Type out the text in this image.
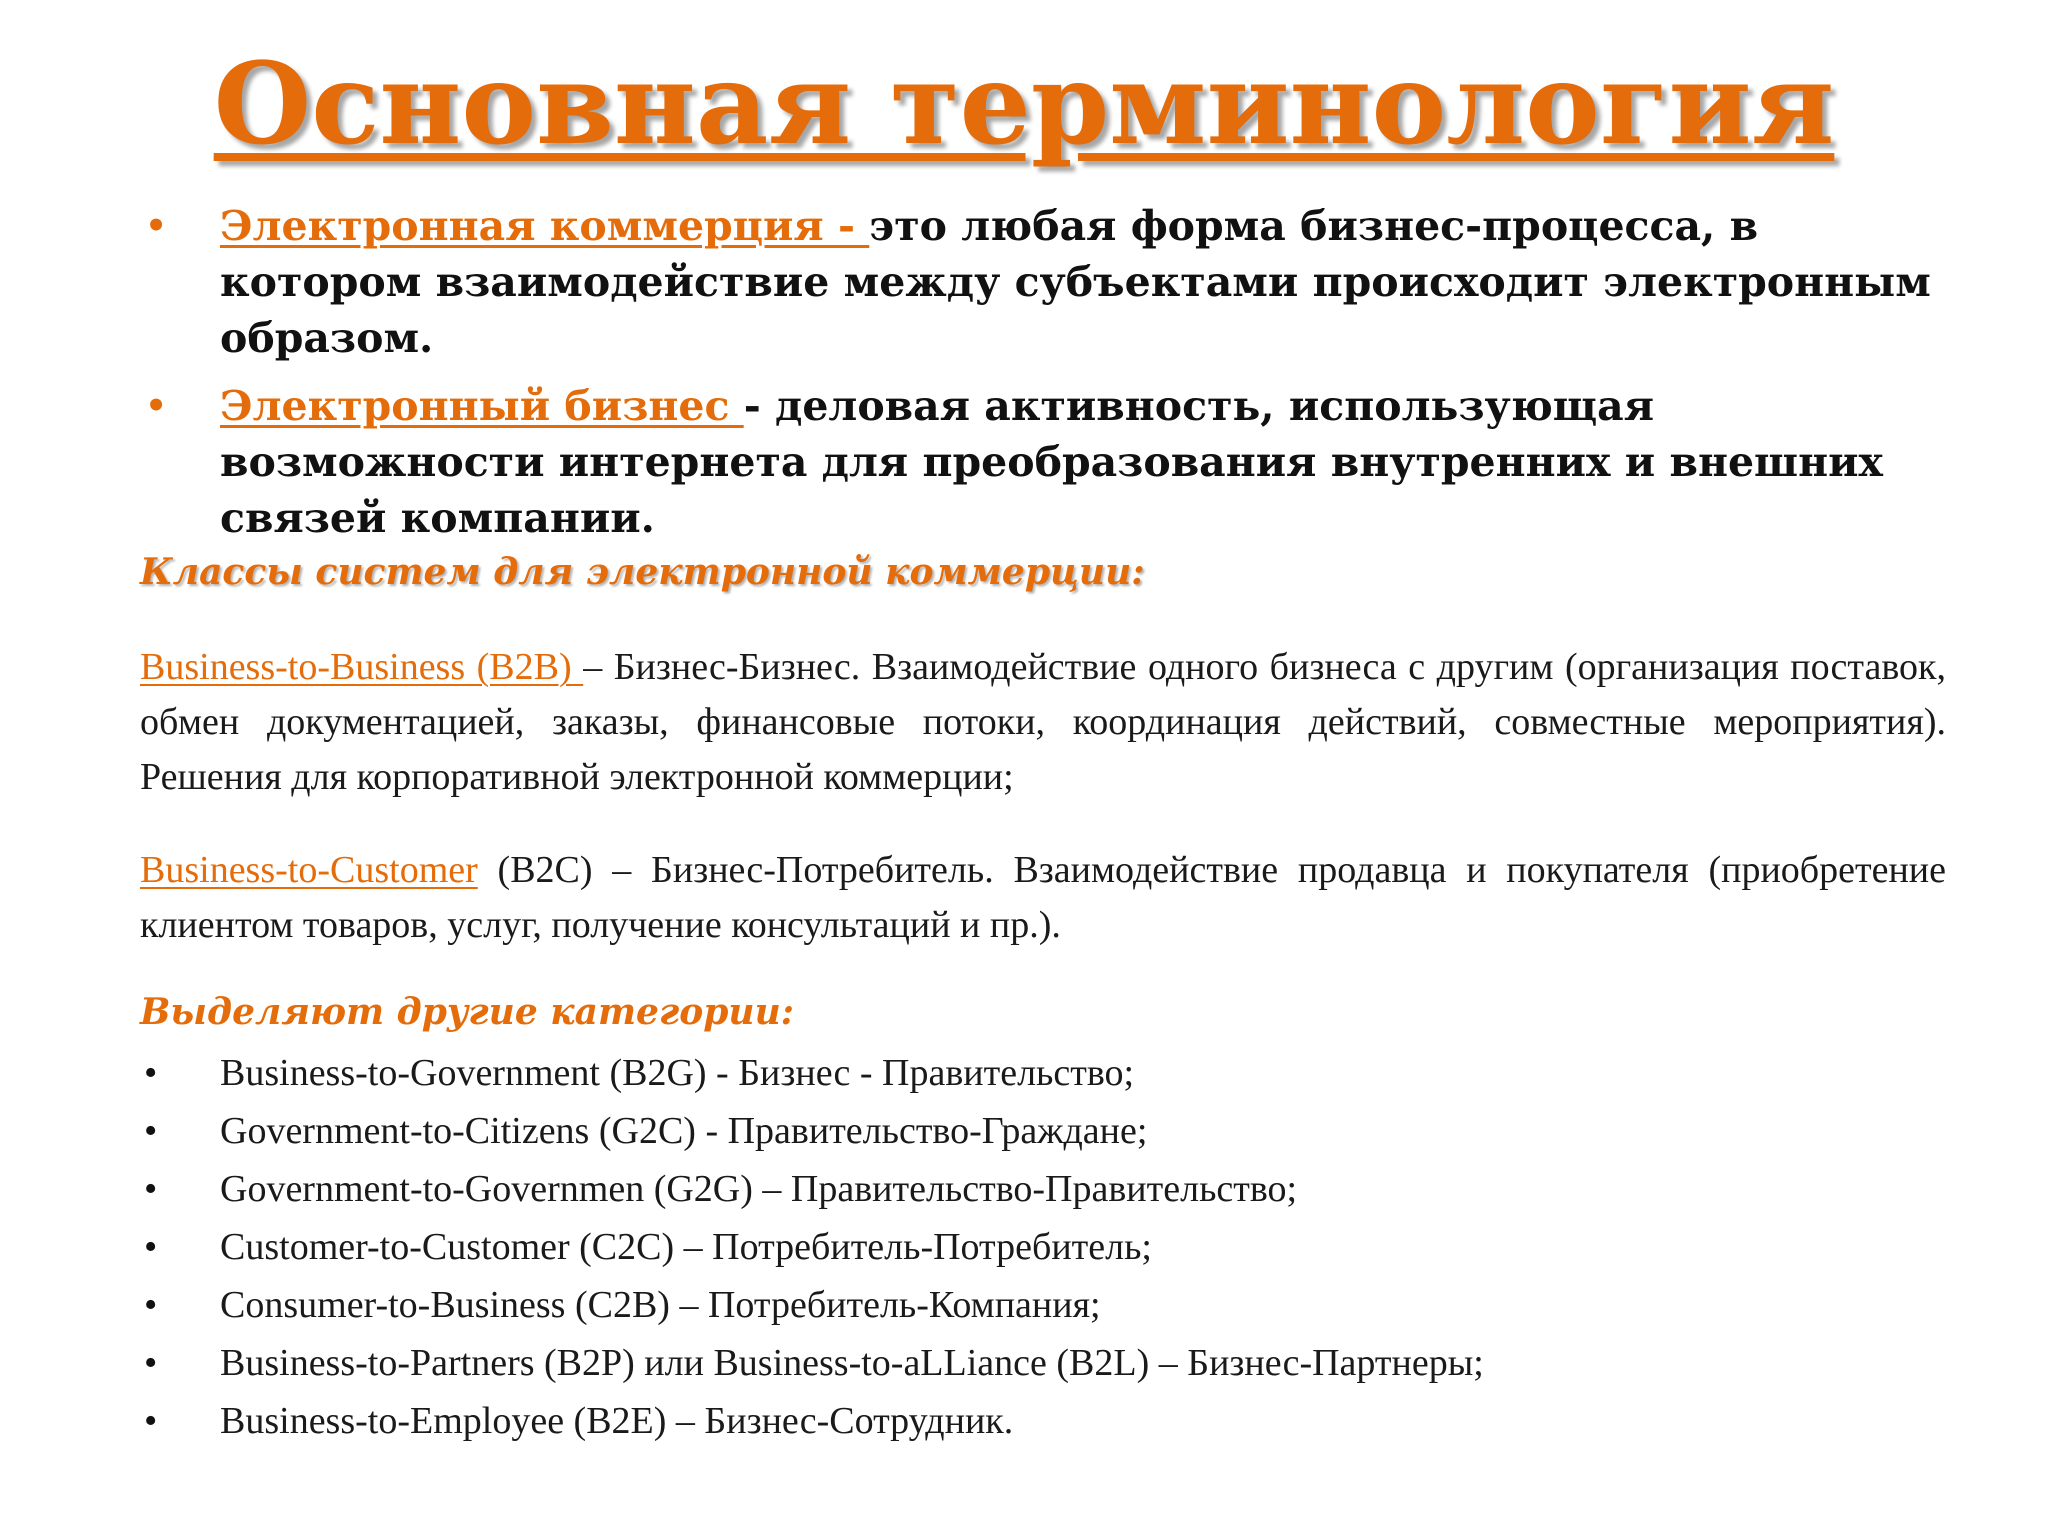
Основная терминология
• Электронная коммерция - это любая форма бизнес-процесса, в котором взаимодействие между субъектами происходит электронным образом.
• Электронный бизнес - деловая активность, использующая возможности интернета для преобразования внутренних и внешних связей компании.
Классы систем для электронной коммерции:
Business-to-Business (B2B) – Бизнес-Бизнес. Взаимодействие одного бизнеса с другим (организация поставок, обмен документацией, заказы, финансовые потоки, координация действий, совместные мероприятия). Решения для корпоративной электронной коммерции;
Business-to-Customer (B2C) – Бизнес-Потребитель. Взаимодействие продавца и покупателя (приобретение клиентом товаров, услуг, получение консультаций и пр.).
Выделяют другие категории:
• Business-to-Government (B2G) - Бизнес - Правительство;
• Government-to-Citizens (G2C) - Правительство-Граждане;
• Government-to-Governmen (G2G) – Правительство-Правительство;
• Customer-to-Customer (C2C) – Потребитель-Потребитель;
• Consumer-to-Business (C2B) – Потребитель-Компания;
• Business-to-Partners (B2P) или Business-to-aLLiance (B2L) – Бизнес-Партнеры;
• Business-to-Employee (B2E) – Бизнес-Сотрудник.
